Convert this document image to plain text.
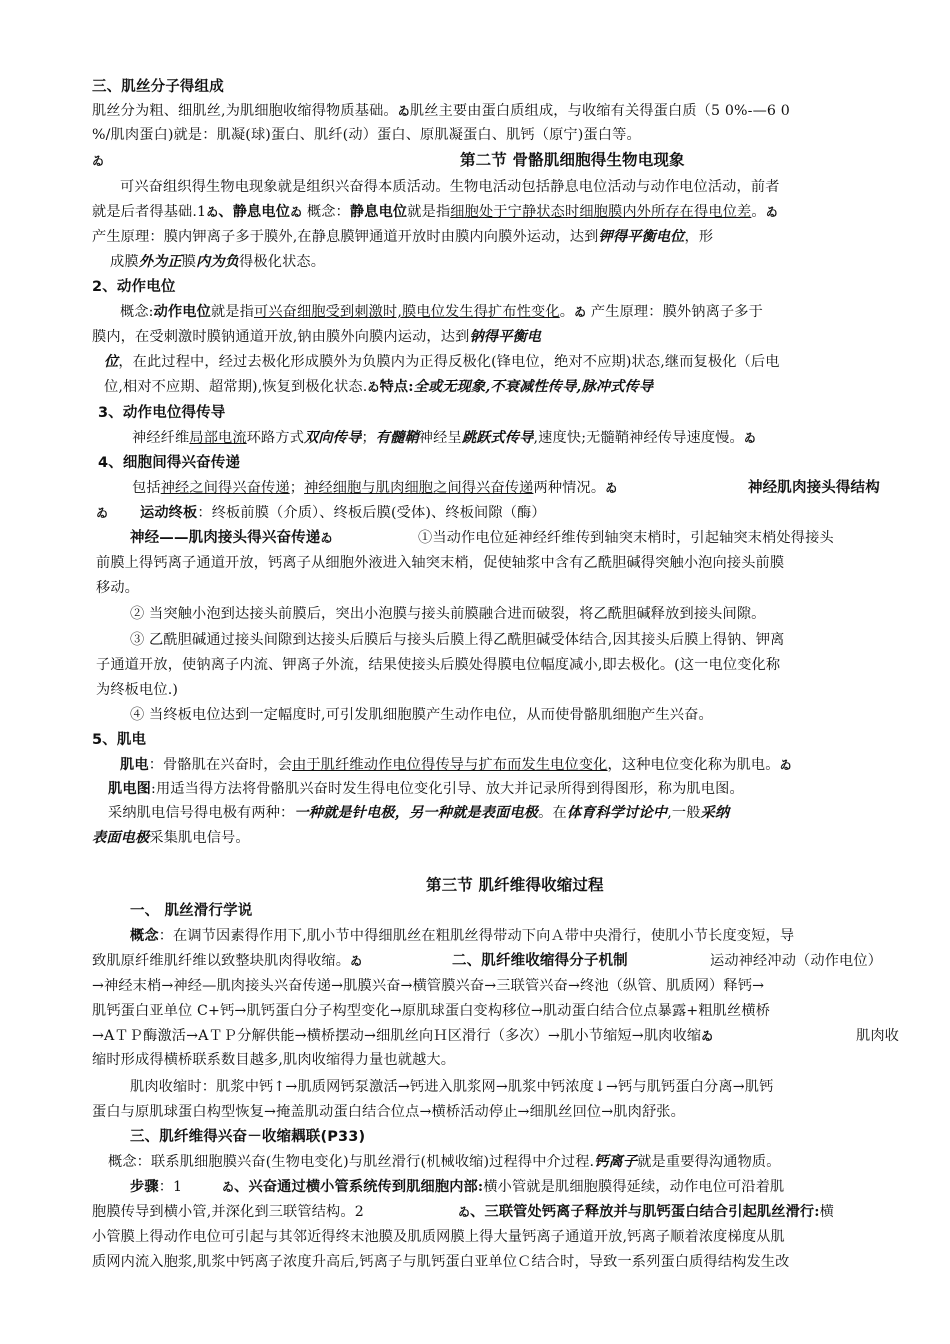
三、肌丝分子得组成
肌丝分为粗、细肌丝,为肌细胞收缩得物质基础。ゐ肌丝主要由蛋白质组成，与收缩有关得蛋白质（5 0%-—6 0
%/肌肉蛋白)就是：肌凝(球)蛋白、肌纤(动）蛋白、原肌凝蛋白、肌钙（原宁)蛋白等。
ゐ	第二节 骨骼肌细胞得生物电现象
可兴奋组织得生物电现象就是组织兴奋得本质活动。生物电活动包括静息电位活动与动作电位活动，前者
就是后者得基础.1ゐ、静息电位ゐ 概念：静息电位就是指细胞处于宁静状态时细胞膜内外所存在得电位差。ゐ
产生原理：膜内钾离子多于膜外,在静息膜钾通道开放时由膜内向膜外运动，达到钾得平衡电位，形
成膜外为正膜内为负得极化状态。
2、动作电位
概念:动作电位就是指可兴奋细胞受到刺激时,膜电位发生得扩布性变化。ゐ 产生原理：膜外钠离子多于
膜内，在受刺激时膜钠通道开放,钠由膜外向膜内运动，达到钠得平衡电
位，在此过程中，经过去极化形成膜外为负膜内为正得反极化(锋电位，绝对不应期)状态,继而复极化（后电
位,相对不应期、超常期),恢复到极化状态.ゐ特点:全或无现象,不衰减性传导,脉冲式传导
3、动作电位得传导
神经纤维局部电流环路方式双向传导；有髓鞘神经呈跳跃式传导,速度快;无髓鞘神经传导速度慢。ゐ
4、细胞间得兴奋传递
包括神经之间得兴奋传递；神经细胞与肌肉细胞之间得兴奋传递两种情况。ゐ	神经肌肉接头得结构
ゐ 运动终板：终板前膜（介质）、终板后膜(受体)、终板间隙（酶）
神经——肌肉接头得兴奋传递ゐ	①当动作电位延神经纤维传到轴突末梢时，引起轴突末梢处得接头
前膜上得钙离子通道开放，钙离子从细胞外液进入轴突末梢，促使轴浆中含有乙酰胆碱得突触小泡向接头前膜
移动。
② 当突触小泡到达接头前膜后，突出小泡膜与接头前膜融合进而破裂，将乙酰胆碱释放到接头间隙。
③ 乙酰胆碱通过接头间隙到达接头后膜后与接头后膜上得乙酰胆碱受体结合,因其接头后膜上得钠、钾离
子通道开放，使钠离子内流、钾离子外流，结果使接头后膜处得膜电位幅度减小,即去极化。(这一电位变化称
为终板电位.)
④ 当终板电位达到一定幅度时,可引发肌细胞膜产生动作电位，从而使骨骼肌细胞产生兴奋。
5、肌电
肌电：骨骼肌在兴奋时，会由于肌纤维动作电位得传导与扩布而发生电位变化，这种电位变化称为肌电。ゐ
肌电图:用适当得方法将骨骼肌兴奋时发生得电位变化引导、放大并记录所得到得图形，称为肌电图。
采纳肌电信号得电极有两种：一种就是针电极，另一种就是表面电极。在体育科学讨论中,一般采纳
表面电极采集肌电信号。
第三节 肌纤维得收缩过程
一、 肌丝滑行学说
概念：在调节因素得作用下,肌小节中得细肌丝在粗肌丝得带动下向Ａ带中央滑行，使肌小节长度变短，导
致肌原纤维肌纤维以致整块肌肉得收缩。ゐ	二、肌纤维收缩得分子机制	运动神经冲动（动作电位）
→神经末梢→神经—肌肉接头兴奋传递→肌膜兴奋→横管膜兴奋→三联管兴奋→终池（纵管、肌质网）释钙→
肌钙蛋白亚单位 C+钙→肌钙蛋白分子构型变化→原肌球蛋白变构移位→肌动蛋白结合位点暴露+粗肌丝横桥
→AＴＰ酶激活→AＴＰ分解供能→横桥摆动→细肌丝向Ｈ区滑行（多次）→肌小节缩短→肌肉收缩ゐ	肌肉收
缩时形成得横桥联系数目越多,肌肉收缩得力量也就越大。
肌肉收缩时：肌浆中钙↑→肌质网钙泵激活→钙进入肌浆网→肌浆中钙浓度↓→钙与肌钙蛋白分离→肌钙
蛋白与原肌球蛋白构型恢复→掩盖肌动蛋白结合位点→横桥活动停止→细肌丝回位→肌肉舒张。
三、肌纤维得兴奋－收缩耦联(P33)
概念：联系肌细胞膜兴奋(生物电变化)与肌丝滑行(机械收缩)过程得中介过程.钙离子就是重要得沟通物质。
步骤：1	ゐ、兴奋通过横小管系统传到肌细胞内部:横小管就是肌细胞膜得延续，动作电位可沿着肌
胞膜传导到横小管,并深化到三联管结构。2	ゐ、三联管处钙离子释放并与肌钙蛋白结合引起肌丝滑行:横
小管膜上得动作电位可引起与其邻近得终末池膜及肌质网膜上得大量钙离子通道开放,钙离子顺着浓度梯度从肌
质网内流入胞浆,肌浆中钙离子浓度升高后,钙离子与肌钙蛋白亚单位Ｃ结合时，导致一系列蛋白质得结构发生改
